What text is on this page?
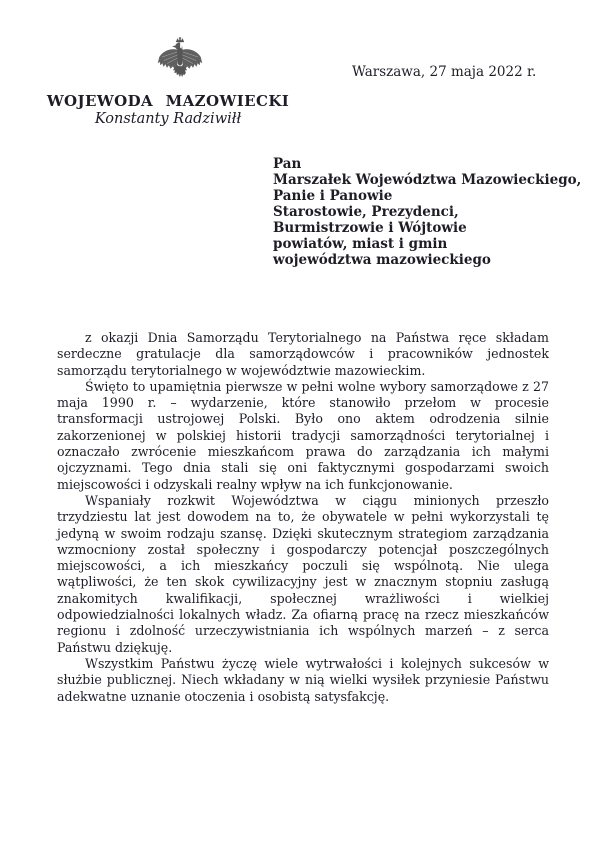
Warszawa, 27 maja 2022 r.
WOJEWODA MAZOWIECKI
Konstanty Radziwiłł
Pan
Marszałek Województwa Mazowieckiego,
Panie i Panowie
Starostowie, Prezydenci,
Burmistrzowie i Wójtowie
powiatów, miast i gmin
województwa mazowieckiego

z okazji Dnia Samorządu Terytorialnego na Państwa ręce składam serdeczne gratulacje dla samorządowców i pracowników jednostek samorządu terytorialnego w województwie mazowieckim.

Święto to upamiętnia pierwsze w pełni wolne wybory samorządowe z 27 maja 1990 r. – wydarzenie, które stanowiło przełom w procesie transformacji ustrojowej Polski. Było ono aktem odrodzenia silnie zakorzenionej w polskiej historii tradycji samorządności terytorialnej i oznaczało zwrócenie mieszkańcom prawa do zarządzania ich małymi ojczyznami. Tego dnia stali się oni faktycznymi gospodarzami swoich miejscowości i odzyskali realny wpływ na ich funkcjonowanie.

Wspaniały rozkwit Województwa w ciągu minionych przeszło trzydziestu lat jest dowodem na to, że obywatele w pełni wykorzystali tę jedyną w swoim rodzaju szansę. Dzięki skutecznym strategiom zarządzania wzmocniony został społeczny i gospodarczy potencjał poszczególnych miejscowości, a ich mieszkańcy poczuli się wspólnotą. Nie ulega wątpliwości, że ten skok cywilizacyjny jest w znacznym stopniu zasługą znakomitych kwalifikacji, społecznej wrażliwości i wielkiej odpowiedzialności lokalnych władz. Za ofiarną pracę na rzecz mieszkańców regionu i zdolność urzeczywistniania ich wspólnych marzeń – z serca Państwu dziękuję.

Wszystkim Państwu życzę wiele wytrwałości i kolejnych sukcesów w służbie publicznej. Niech wkładany w nią wielki wysiłek przyniesie Państwu adekwatne uznanie otoczenia i osobistą satysfakcję.
